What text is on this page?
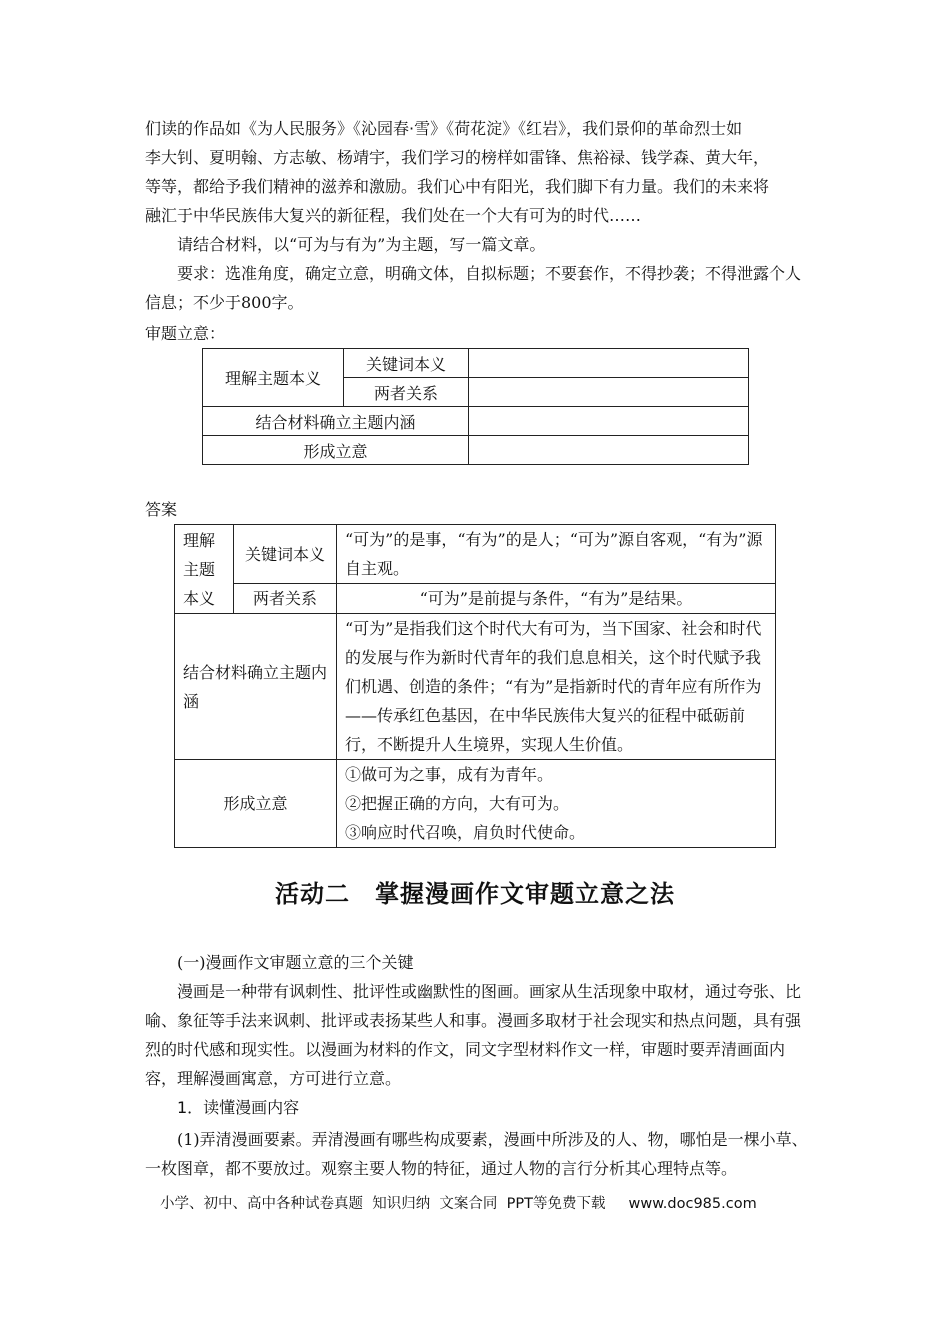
们读的作品如《为人民服务》《沁园春·雪》《荷花淀》《红岩》，我们景仰的革命烈士如

李大钊、夏明翰、方志敏、杨靖宇，我们学习的榜样如雷锋、焦裕禄、钱学森、黄大年，

等等，都给予我们精神的滋养和激励。我们心中有阳光，我们脚下有力量。我们的未来将

融汇于中华民族伟大复兴的新征程，我们处在一个大有可为的时代……

请结合材料，以“可为与有为”为主题，写一篇文章。

要求：选准角度，确定立意，明确文体，自拟标题；不要套作，不得抄袭；不得泄露个人信息；不少于800字。

审题立意：
理解主题本义	关键词本义	
	两者关系	
结合材料确立主题内涵		
形成立意		
答案
理解主题本义	关键词本义	“可为”的是事，“有为”的是人；“可为”源自客观，“有为”源自主观。
	两者关系	“可为”是前提与条件，“有为”是结果。
结合材料确立主题内涵		“可为”是指我们这个时代大有可为，当下国家、社会和时代的发展与作为新时代青年的我们息息相关，这个时代赋予我们机遇、创造的条件；“有为”是指新时代的青年应有所作为——传承红色基因，在中华民族伟大复兴的征程中砥砺前行，不断提升人生境界，实现人生价值。
形成立意		①做可为之事，成有为青年。
②把握正确的方向，大有可为。
③响应时代召唤，肩负时代使命。
活动二　掌握漫画作文审题立意之法

(一)漫画作文审题立意的三个关键

漫画是一种带有讽刺性、批评性或幽默性的图画。画家从生活现象中取材，通过夸张、比喻、象征等手法来讽刺、批评或表扬某些人和事。漫画多取材于社会现实和热点问题，具有强烈的时代感和现实性。以漫画为材料的作文，同文字型材料作文一样，审题时要弄清画面内容，理解漫画寓意，方可进行立意。

1．读懂漫画内容

(1)弄清漫画要素。弄清漫画有哪些构成要素，漫画中所涉及的人、物，哪怕是一棵小草、一枚图章，都不要放过。观察主要人物的特征，通过人物的言行分析其心理特点等。

小学、初中、高中各种试卷真题  知识归纳  文案合同  PPT等免费下载     www.doc985.com
